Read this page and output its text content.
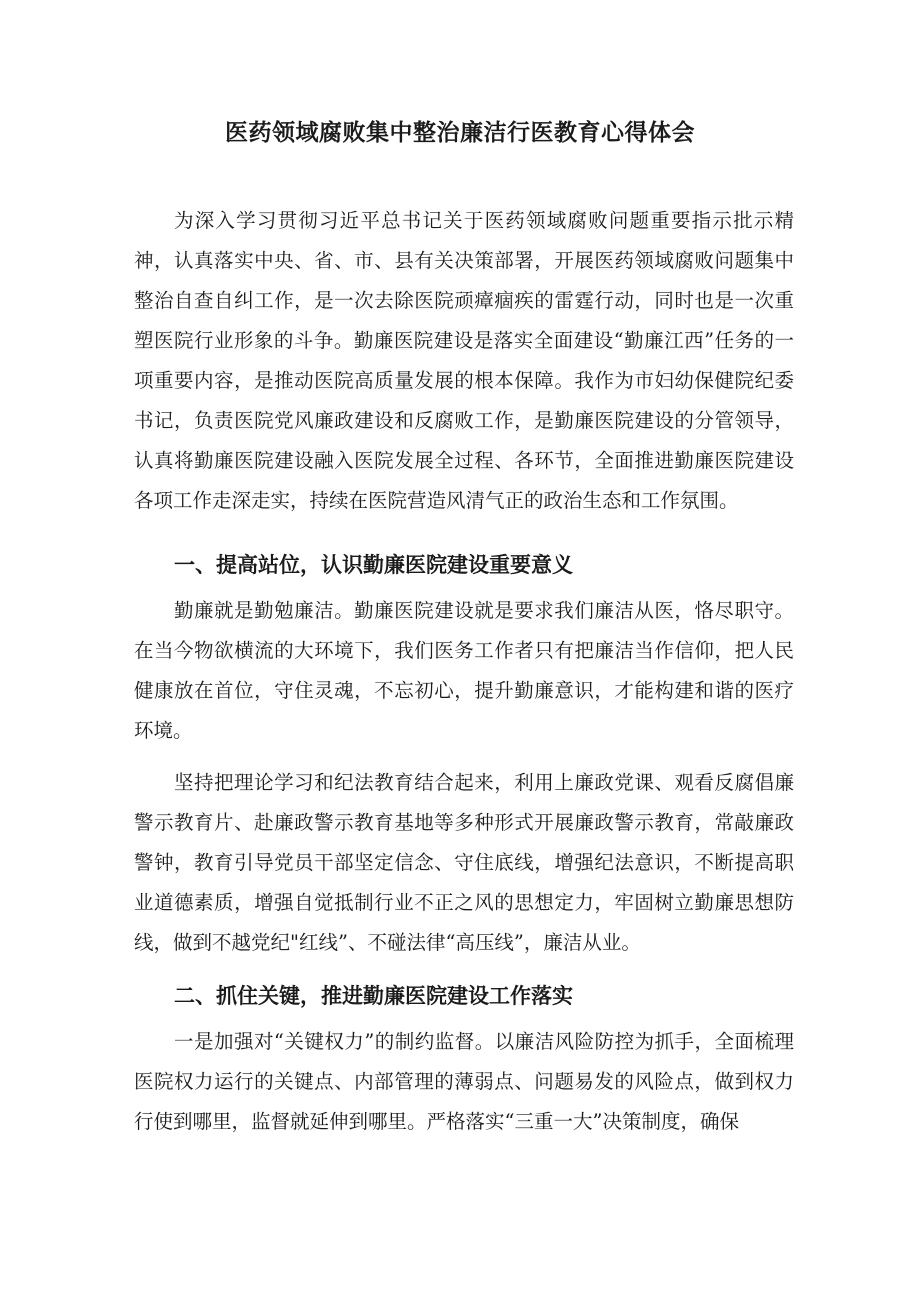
医药领域腐败集中整治廉洁行医教育心得体会

为深入学习贯彻习近平总书记关于医药领域腐败问题重要指示批示精神，认真落实中央、省、市、县有关决策部署，开展医药领域腐败问题集中整治自查自纠工作，是一次去除医院顽瘴痼疾的雷霆行动，同时也是一次重塑医院行业形象的斗争。勤廉医院建设是落实全面建设“勤廉江西”任务的一项重要内容，是推动医院高质量发展的根本保障。我作为市妇幼保健院纪委书记，负责医院党风廉政建设和反腐败工作，是勤廉医院建设的分管领导，认真将勤廉医院建设融入医院发展全过程、各环节，全面推进勤廉医院建设各项工作走深走实，持续在医院营造风清气正的政治生态和工作氛围。

一、提高站位，认识勤廉医院建设重要意义

勤廉就是勤勉廉洁。勤廉医院建设就是要求我们廉洁从医，恪尽职守。在当今物欲横流的大环境下，我们医务工作者只有把廉洁当作信仰，把人民健康放在首位，守住灵魂，不忘初心，提升勤廉意识，才能构建和谐的医疗环境。

坚持把理论学习和纪法教育结合起来，利用上廉政党课、观看反腐倡廉警示教育片、赴廉政警示教育基地等多种形式开展廉政警示教育，常敲廉政警钟，教育引导党员干部坚定信念、守住底线，增强纪法意识，不断提高职业道德素质，增强自觉抵制行业不正之风的思想定力，牢固树立勤廉思想防线，做到不越党纪"红线”、不碰法律“高压线”，廉洁从业。

二、抓住关键，推进勤廉医院建设工作落实

一是加强对“关键权力”的制约监督。以廉洁风险防控为抓手，全面梳理医院权力运行的关键点、内部管理的薄弱点、问题易发的风险点，做到权力行使到哪里，监督就延伸到哪里。严格落实“三重一大”决策制度，确保
